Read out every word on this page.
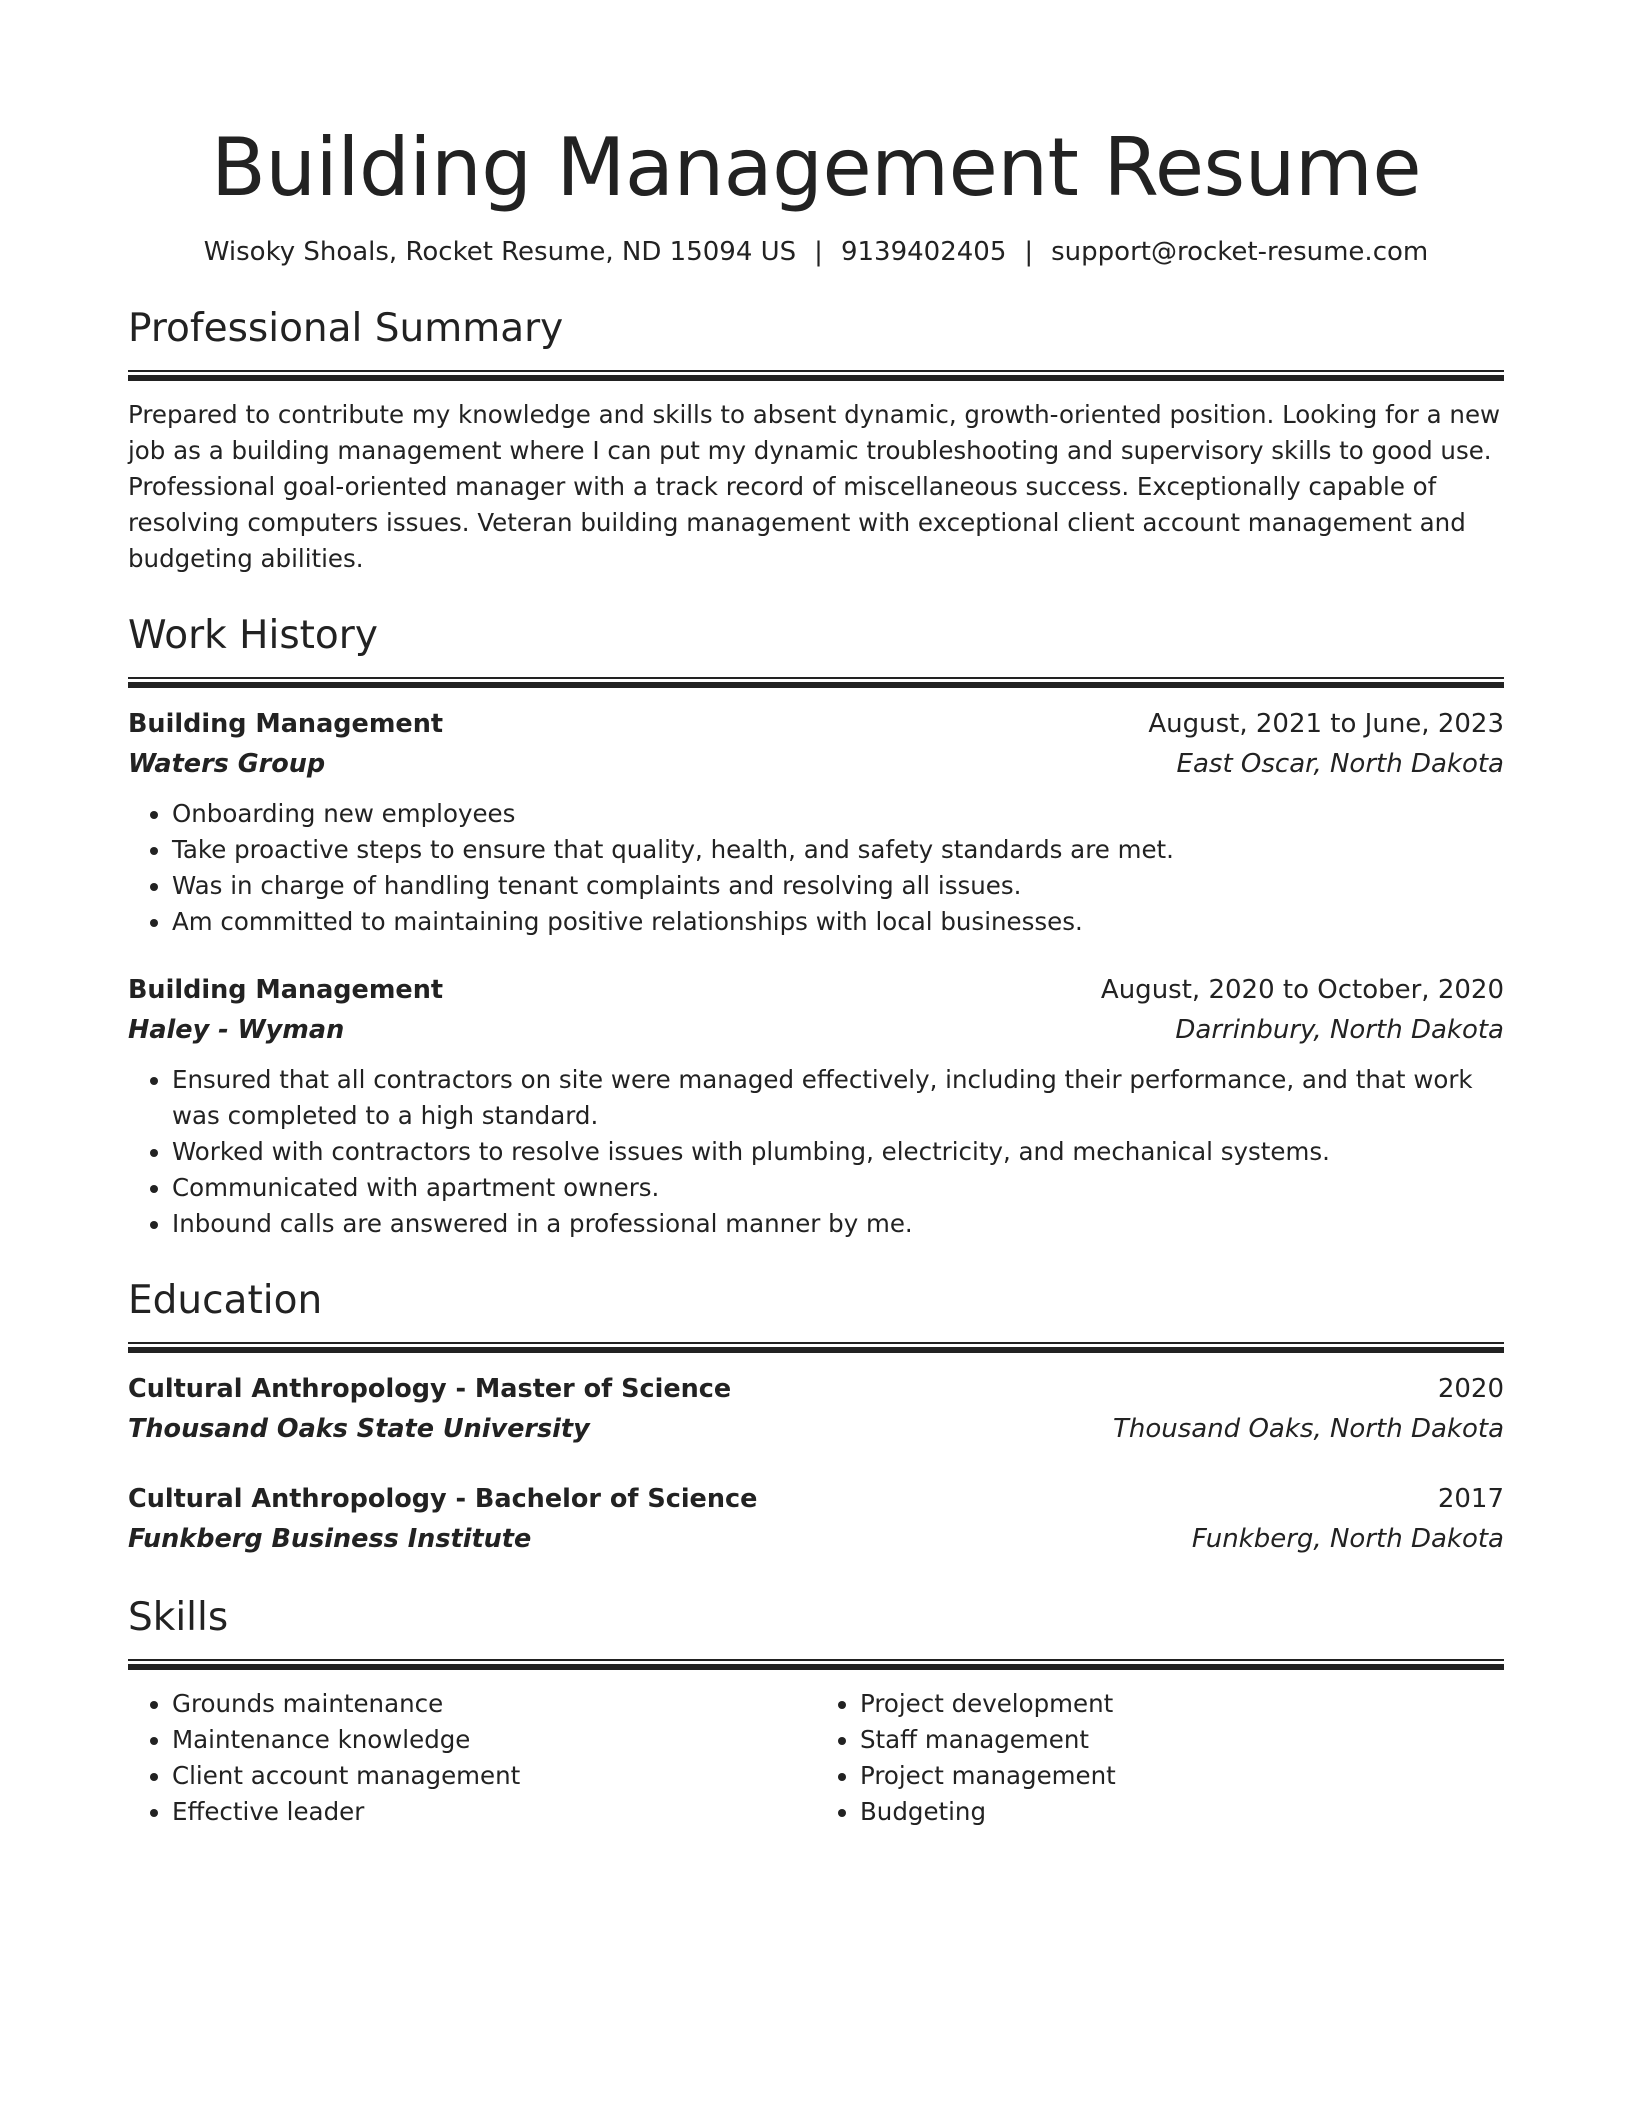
Building Management Resume
Wisoky Shoals, Rocket Resume, ND 15094 US | 9139402405 | support@rocket-resume.com
Professional Summary

Prepared to contribute my knowledge and skills to absent dynamic, growth-oriented position. Looking for a new job as a building management where I can put my dynamic troubleshooting and supervisory skills to good use. Professional goal-oriented manager with a track record of miscellaneous success. Exceptionally capable of resolving computers issues. Veteran building management with exceptional client account management and budgeting abilities.

Work History
Building Management	August, 2021 to June, 2023
Waters Group	East Oscar, North Dakota
• Onboarding new employees
• Take proactive steps to ensure that quality, health, and safety standards are met.
• Was in charge of handling tenant complaints and resolving all issues.
• Am committed to maintaining positive relationships with local businesses.
Building Management	August, 2020 to October, 2020
Haley - Wyman	Darrinbury, North Dakota
• Ensured that all contractors on site were managed effectively, including their performance, and that work was completed to a high standard.
• Worked with contractors to resolve issues with plumbing, electricity, and mechanical systems.
• Communicated with apartment owners.
• Inbound calls are answered in a professional manner by me.
Education
Cultural Anthropology - Master of Science	2020
Thousand Oaks State University	Thousand Oaks, North Dakota
Cultural Anthropology - Bachelor of Science	2017
Funkberg Business Institute	Funkberg, North Dakota
Skills
• Grounds maintenance
• Maintenance knowledge
• Client account management
• Effective leader
• Project development
• Staff management
• Project management
• Budgeting
